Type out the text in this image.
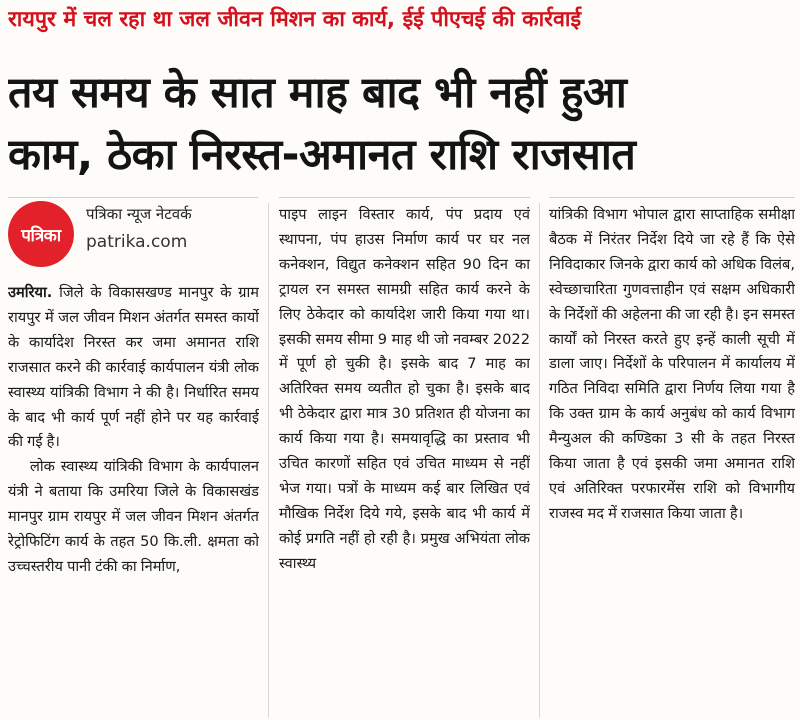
रायपुर में चल रहा था जल जीवन मिशन का कार्य, ईई पीएचई की कार्रवाई
तय समय के सात माह बाद भी नहीं हुआ
काम, ठेका निरस्त-अमानत राशि राजसात
पत्रिका
पत्रिका न्यूज नेटवर्क
patrika.com

उमरिया. जिले के विकासखण्ड मानपुर के ग्राम रायपुर में जल जीवन मिशन अंतर्गत समस्त कार्यो के कार्यादेश निरस्त कर जमा अमानत राशि राजसात करने की कार्रवाई कार्यपालन यंत्री लोक स्वास्थ्य यांत्रिकी विभाग ने की है। निर्धारित समय के बाद भी कार्य पूर्ण नहीं होने पर यह कार्रवाई की गई है।

लोक स्वास्थ्य यांत्रिकी विभाग के कार्यपालन यंत्री ने बताया कि उमरिया जिले के विकासखंड मानपुर ग्राम रायपुर में जल जीवन मिशन अंतर्गत रेट्रोफिटिंग कार्य के तहत 50 कि.ली. क्षमता को उच्चस्तरीय पानी टंकी का निर्माण,

पाइप लाइन विस्तार कार्य, पंप प्रदाय एवं स्थापना, पंप हाउस निर्माण कार्य पर घर नल कनेक्शन, विद्युत कनेक्शन सहित 90 दिन का ट्रायल रन समस्त सामग्री सहित कार्य करने के लिए ठेकेदार को कार्यादेश जारी किया गया था। इसकी समय सीमा 9 माह थी जो नवम्बर 2022 में पूर्ण हो चुकी है। इसके बाद 7 माह का अतिरिक्त समय व्यतीत हो चुका है। इसके बाद भी ठेकेदार द्वारा मात्र 30 प्रतिशत ही योजना का कार्य किया गया है। समयावृद्धि का प्रस्ताव भी उचित कारणों सहित एवं उचित माध्यम से नहीं भेज गया। पत्रों के माध्यम कई बार लिखित एवं मौखिक निर्देश दिये गये, इसके बाद भी कार्य में कोई प्रगति नहीं हो रही है। प्रमुख अभियंता लोक स्वास्थ्य

यांत्रिकी विभाग भोपाल द्वारा साप्ताहिक समीक्षा बैठक में निरंतर निर्देश दिये जा रहे हैं कि ऐसे निविदाकार जिनके द्वारा कार्य को अधिक विलंब, स्वेच्छाचारिता गुणवत्ताहीन एवं सक्षम अधिकारी के निर्देशों की अहेलना की जा रही है। इन समस्त कार्यों को निरस्त करते हुए इन्हें काली सूची में डाला जाए। निर्देशों के परिपालन में कार्यालय में गठित निविदा समिति द्वारा निर्णय लिया गया है कि उक्त ग्राम के कार्य अनुबंध को कार्य विभाग मैन्युअल की कण्डिका 3 सी के तहत निरस्त किया जाता है एवं इसकी जमा अमानत राशि एवं अतिरिक्त परफारमेंस राशि को विभागीय राजस्व मद में राजसात किया जाता है।
